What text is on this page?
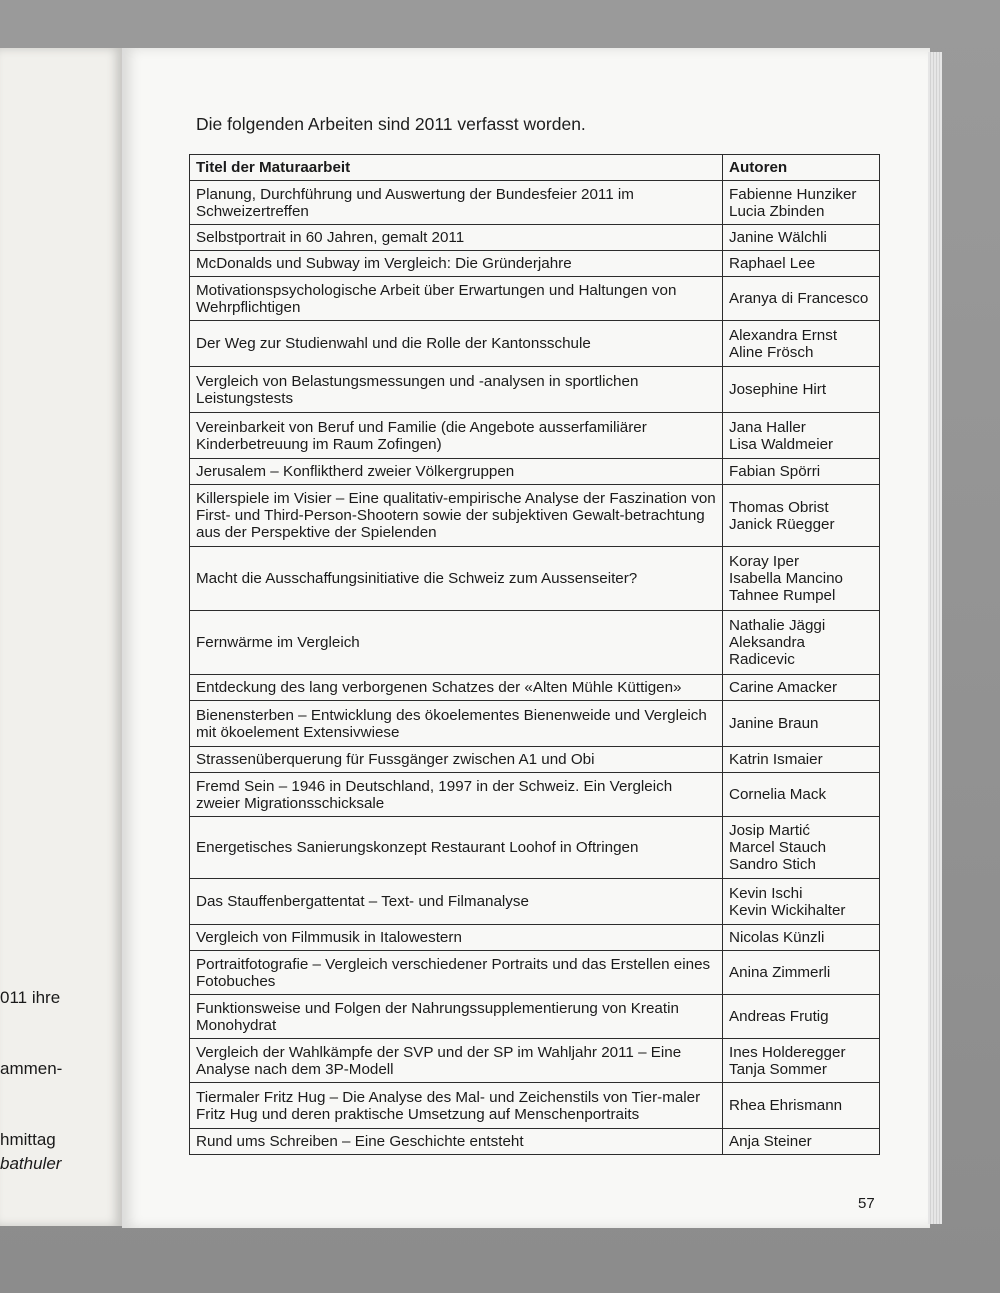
011 ihre
ammen-
hmittag
bathuler
Die folgenden Arbeiten sind 2011 verfasst worden.
Titel der Maturaarbeit	Autoren
Planung, Durchführung und Auswertung der Bundesfeier 2011 im Schweizertreffen	Fabienne Hunziker
Lucia Zbinden

Selbstportrait in 60 Jahren, gemalt 2011	Janine Wälchli

McDonalds und Subway im Vergleich: Die Gründerjahre	Raphael Lee

Motivationspsychologische Arbeit über Erwartungen und Haltungen von Wehrpflichtigen	Aranya di Francesco

Der Weg zur Studienwahl und die Rolle der Kantonsschule	Alexandra Ernst
Aline Frösch

Vergleich von Belastungsmessungen und -analysen in sportlichen Leistungstests	Josephine Hirt

Vereinbarkeit von Beruf und Familie (die Angebote ausserfamiliärer Kinderbetreuung im Raum Zofingen)	Jana Haller
Lisa Waldmeier

Jerusalem – Konfliktherd zweier Völkergruppen	Fabian Spörri

Killerspiele im Visier – Eine qualitativ-empirische Analyse der Faszination von First- und Third-Person-Shootern sowie der subjektiven Gewalt-betrachtung aus der Perspektive der Spielenden	Thomas Obrist
Janick Rüegger

Macht die Ausschaffungsinitiative die Schweiz zum Aussenseiter?	Koray Iper
Isabella Mancino
Tahnee Rumpel

Fernwärme im Vergleich	Nathalie Jäggi
Aleksandra
Radicevic

Entdeckung des lang verborgenen Schatzes der «Alten Mühle Küttigen»	Carine Amacker

Bienensterben – Entwicklung des ökoelementes Bienenweide und Vergleich mit ökoelement Extensivwiese	Janine Braun

Strassenüberquerung für Fussgänger zwischen A1 und Obi	Katrin Ismaier

Fremd Sein – 1946 in Deutschland, 1997 in der Schweiz. Ein Vergleich zweier Migrationsschicksale	Cornelia Mack

Energetisches Sanierungskonzept Restaurant Loohof in Oftringen	Josip Martić
Marcel Stauch
Sandro Stich

Das Stauffenbergattentat – Text- und Filmanalyse	Kevin Ischi
Kevin Wickihalter

Vergleich von Filmmusik in Italowestern	Nicolas Künzli

Portraitfotografie – Vergleich verschiedener Portraits und das Erstellen eines Fotobuches	Anina Zimmerli

Funktionsweise und Folgen der Nahrungssupplementierung von Kreatin Monohydrat	Andreas Frutig

Vergleich der Wahlkämpfe der SVP und der SP im Wahljahr 2011 – Eine Analyse nach dem 3P-Modell	Ines Holderegger
Tanja Sommer

Tiermaler Fritz Hug – Die Analyse des Mal- und Zeichenstils von Tier-maler Fritz Hug und deren praktische Umsetzung auf Menschenportraits	Rhea Ehrismann

Rund ums Schreiben – Eine Geschichte entsteht	Anja Steiner
57
